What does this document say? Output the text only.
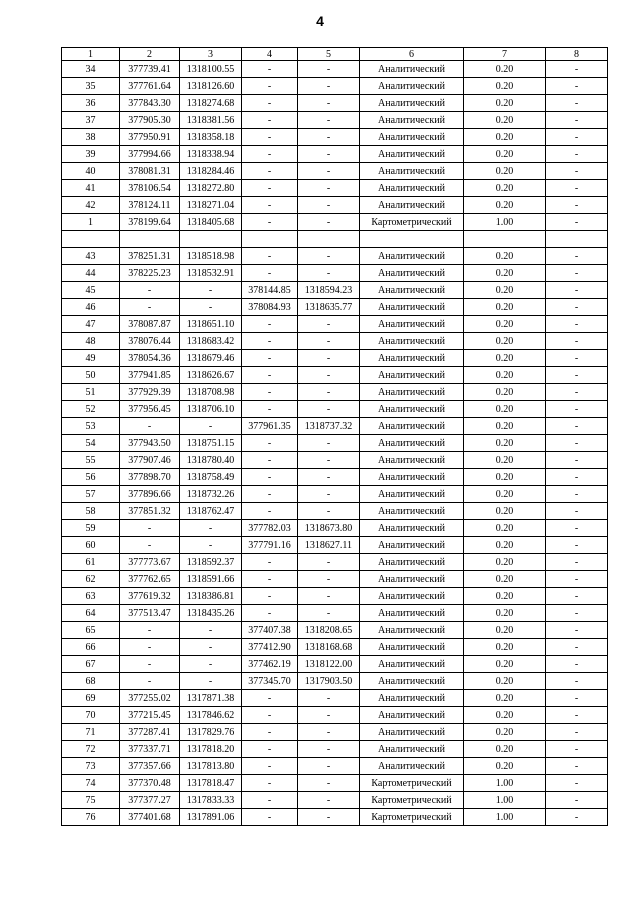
4
1	2	3	4	5	6	7	8
34	377739.41	1318100.55	-	-	Аналитический	0.20	-
35	377761.64	1318126.60	-	-	Аналитический	0.20	-
36	377843.30	1318274.68	-	-	Аналитический	0.20	-
37	377905.30	1318381.56	-	-	Аналитический	0.20	-
38	377950.91	1318358.18	-	-	Аналитический	0.20	-
39	377994.66	1318338.94	-	-	Аналитический	0.20	-
40	378081.31	1318284.46	-	-	Аналитический	0.20	-
41	378106.54	1318272.80	-	-	Аналитический	0.20	-
42	378124.11	1318271.04	-	-	Аналитический	0.20	-
1	378199.64	1318405.68	-	-	Картометрический	1.00	-

43	378251.31	1318518.98	-	-	Аналитический	0.20	-
44	378225.23	1318532.91	-	-	Аналитический	0.20	-
45	-	-	378144.85	1318594.23	Аналитический	0.20	-
46	-	-	378084.93	1318635.77	Аналитический	0.20	-
47	378087.87	1318651.10	-	-	Аналитический	0.20	-
48	378076.44	1318683.42	-	-	Аналитический	0.20	-
49	378054.36	1318679.46	-	-	Аналитический	0.20	-
50	377941.85	1318626.67	-	-	Аналитический	0.20	-
51	377929.39	1318708.98	-	-	Аналитический	0.20	-
52	377956.45	1318706.10	-	-	Аналитический	0.20	-
53	-	-	377961.35	1318737.32	Аналитический	0.20	-
54	377943.50	1318751.15	-	-	Аналитический	0.20	-
55	377907.46	1318780.40	-	-	Аналитический	0.20	-
56	377898.70	1318758.49	-	-	Аналитический	0.20	-
57	377896.66	1318732.26	-	-	Аналитический	0.20	-
58	377851.32	1318762.47	-	-	Аналитический	0.20	-
59	-	-	377782.03	1318673.80	Аналитический	0.20	-
60	-	-	377791.16	1318627.11	Аналитический	0.20	-
61	377773.67	1318592.37	-	-	Аналитический	0.20	-
62	377762.65	1318591.66	-	-	Аналитический	0.20	-
63	377619.32	1318386.81	-	-	Аналитический	0.20	-
64	377513.47	1318435.26	-	-	Аналитический	0.20	-
65	-	-	377407.38	1318208.65	Аналитический	0.20	-
66	-	-	377412.90	1318168.68	Аналитический	0.20	-
67	-	-	377462.19	1318122.00	Аналитический	0.20	-
68	-	-	377345.70	1317903.50	Аналитический	0.20	-
69	377255.02	1317871.38	-	-	Аналитический	0.20	-
70	377215.45	1317846.62	-	-	Аналитический	0.20	-
71	377287.41	1317829.76	-	-	Аналитический	0.20	-
72	377337.71	1317818.20	-	-	Аналитический	0.20	-
73	377357.66	1317813.80	-	-	Аналитический	0.20	-
74	377370.48	1317818.47	-	-	Картометрический	1.00	-
75	377377.27	1317833.33	-	-	Картометрический	1.00	-
76	377401.68	1317891.06	-	-	Картометрический	1.00	-
